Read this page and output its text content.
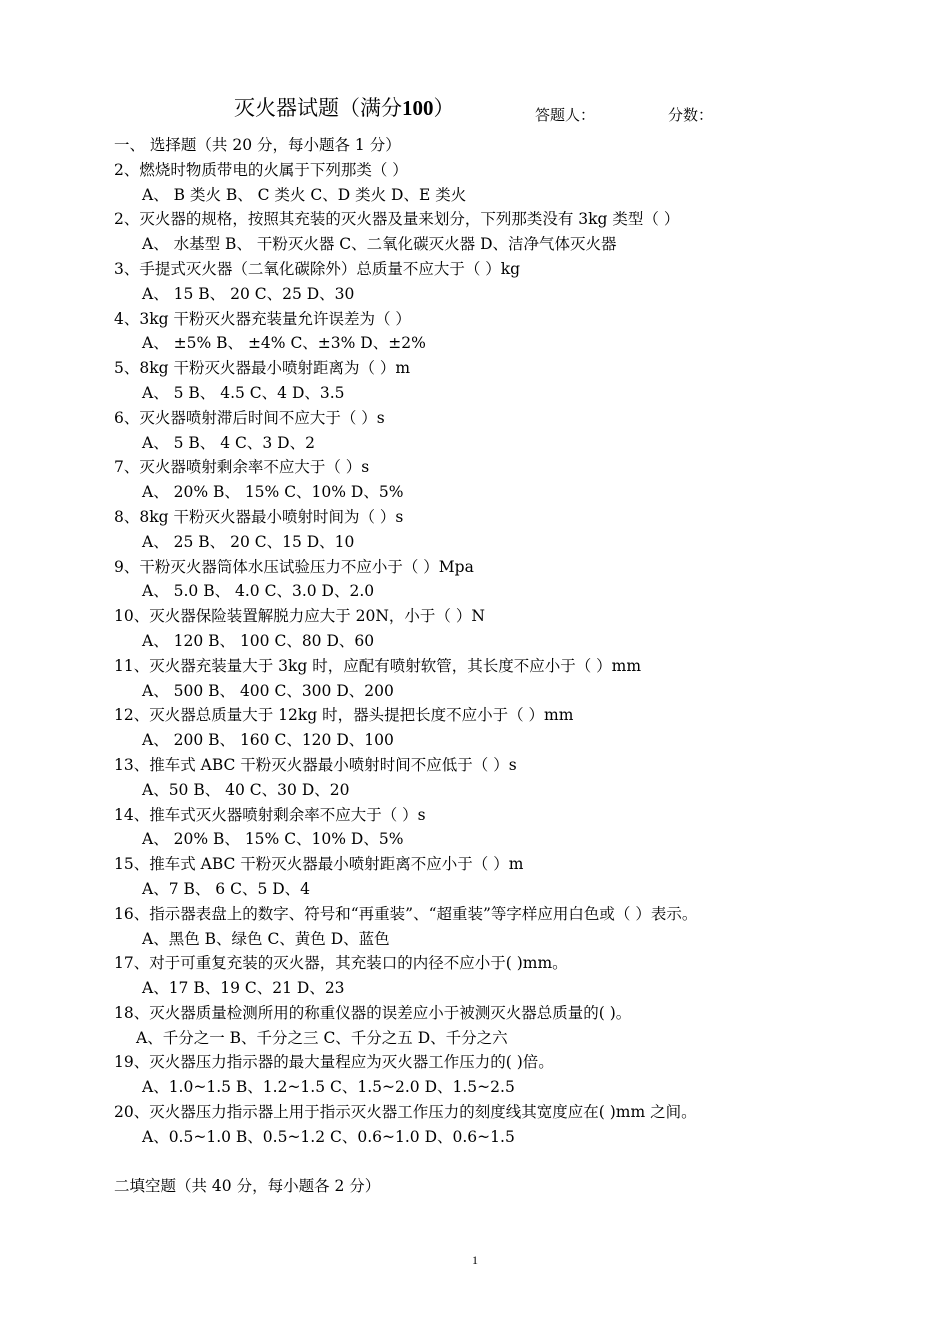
灭火器试题（满分100）	答题人：	分数：
一、 选择题（共 20 分，每小题各 1 分）
2、燃烧时物质带电的火属于下列那类（ ）
A、 B 类火 B、 C 类火 C、D 类火 D、E 类火
2、灭火器的规格，按照其充装的灭火器及量来划分，下列那类没有 3kg 类型（ ）
A、 水基型 B、 干粉灭火器 C、二氧化碳灭火器 D、洁净气体灭火器
3、手提式灭火器（二氧化碳除外）总质量不应大于（ ）kg
A、 15 B、 20 C、25 D、30
4、3kg 干粉灭火器充装量允许误差为（ ）
A、 ±5% B、 ±4% C、±3% D、±2%
5、8kg 干粉灭火器最小喷射距离为（ ）m
A、 5 B、 4.5 C、4 D、3.5
6、灭火器喷射滞后时间不应大于（ ）s
A、 5 B、 4 C、3 D、2
7、灭火器喷射剩余率不应大于（ ）s
A、 20% B、 15% C、10% D、5%
8、8kg 干粉灭火器最小喷射时间为（ ）s
A、 25 B、 20 C、15 D、10
9、干粉灭火器筒体水压试验压力不应小于（ ）Mpa
A、 5.0 B、 4.0 C、3.0 D、2.0
10、灭火器保险装置解脱力应大于 20N，小于（ ）N
A、 120 B、 100 C、80 D、60
11、灭火器充装量大于 3kg 时，应配有喷射软管，其长度不应小于（ ）mm
A、 500 B、 400 C、300 D、200
12、灭火器总质量大于 12kg 时，器头提把长度不应小于（ ）mm
A、 200 B、 160 C、120 D、100
13、推车式 ABC 干粉灭火器最小喷射时间不应低于（ ）s
A、50 B、 40 C、30 D、20
14、推车式灭火器喷射剩余率不应大于（ ）s
A、 20% B、 15% C、10% D、5%
15、推车式 ABC 干粉灭火器最小喷射距离不应小于（ ）m
A、7 B、 6 C、5 D、4
16、指示器表盘上的数字、符号和“再重装”、“超重装”等字样应用白色或（ ）表示。
A、黑色 B、绿色 C、黄色 D、蓝色
17、对于可重复充装的灭火器，其充装口的内径不应小于( )mm。
A、17 B、19 C、21 D、23
18、灭火器质量检测所用的称重仪器的误差应小于被测灭火器总质量的( )。
A、千分之一 B、千分之三 C、千分之五 D、千分之六
19、灭火器压力指示器的最大量程应为灭火器工作压力的( )倍。
A、1.0~1.5 B、1.2~1.5 C、1.5~2.0 D、1.5~2.5
20、灭火器压力指示器上用于指示灭火器工作压力的刻度线其宽度应在( )mm 之间。
A、0.5~1.0 B、0.5~1.2 C、0.6~1.0 D、0.6~1.5
二填空题（共 40 分，每小题各 2 分）
1
